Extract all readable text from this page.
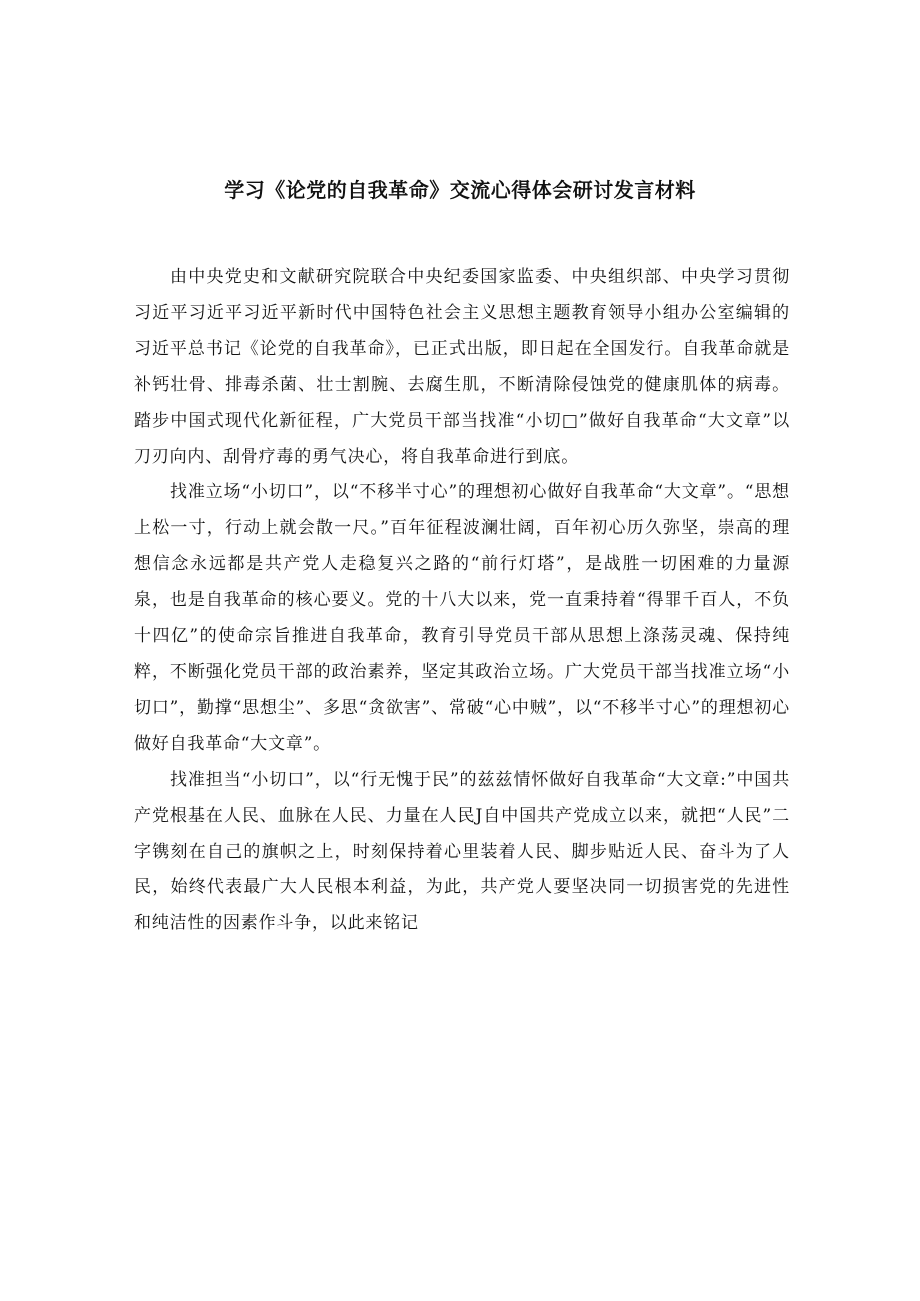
学习《论党的自我革命》交流心得体会研讨发言材料

由中央党史和文献研究院联合中央纪委国家监委、中央组织部、中央学习贯彻习近平习近平习近平新时代中国特色社会主义思想主题教育领导小组办公室编辑的习近平总书记《论党的自我革命》，已正式出版，即日起在全国发行。自我革命就是补钙壮骨、排毒杀菌、壮士割腕、去腐生肌，不断清除侵蚀党的健康肌体的病毒。踏步中国式现代化新征程，广大党员干部当找准“小切□”做好自我革命“大文章”以刀刃向内、刮骨疗毒的勇气决心，将自我革命进行到底。

找准立场“小切口”，以“不移半寸心”的理想初心做好自我革命“大文章”。“思想上松一寸，行动上就会散一尺。”百年征程波澜壮阔，百年初心历久弥坚，崇高的理想信念永远都是共产党人走稳复兴之路的“前行灯塔”，是战胜一切困难的力量源泉，也是自我革命的核心要义。党的十八大以来，党一直秉持着“得罪千百人，不负十四亿”的使命宗旨推进自我革命，教育引导党员干部从思想上涤荡灵魂、保持纯粹，不断强化党员干部的政治素养，坚定其政治立场。广大党员干部当找准立场“小切口”，勤撑“思想尘”、多思“贪欲害”、常破“心中贼”，以“不移半寸心”的理想初心做好自我革命“大文章”。

找准担当“小切口”，以“行无愧于民”的兹兹情怀做好自我革命“大文章:”中国共产党根基在人民、血脉在人民、力量在人民J自中国共产党成立以来，就把“人民”二字镌刻在自己的旗帜之上，时刻保持着心里装着人民、脚步贴近人民、奋斗为了人民，始终代表最广大人民根本利益，为此，共产党人要坚决同一切损害党的先进性和纯洁性的因素作斗争，以此来铭记
